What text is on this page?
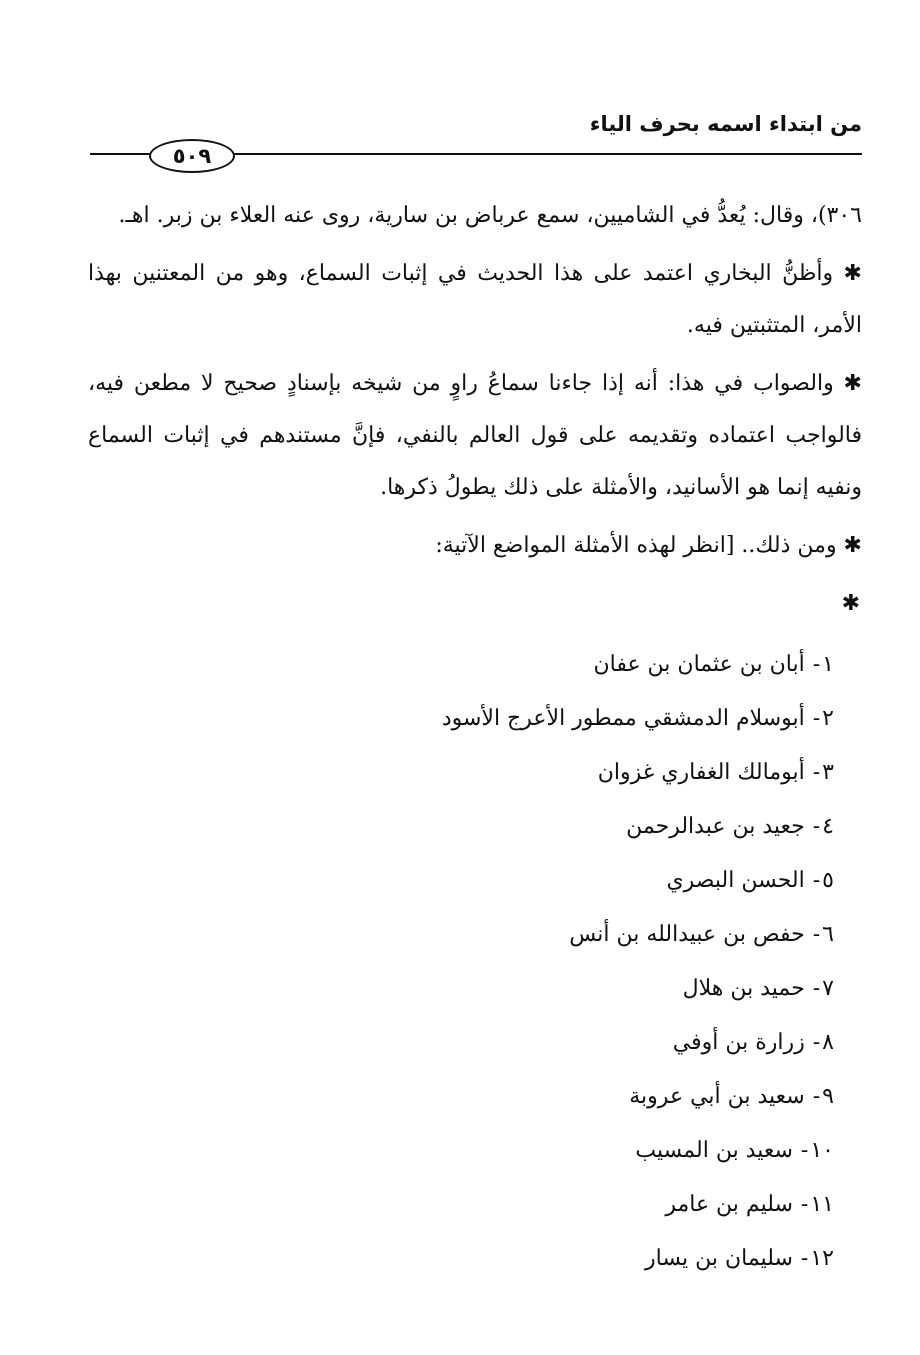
من ابتداء اسمه بحرف الياء
٥٠٩

٣٠٦)، وقال: يُعدُّ في الشاميين، سمع عرباض بن سارية، روى عنه العلاء بن زبر. اهـ.

✱ وأظنُّ البخاري اعتمد على هذا الحديث في إثبات السماع، وهو من المعتنين بهذا الأمر، المتثبتين فيه.

✱ والصواب في هذا: أنه إذا جاءنا سماعُ راوٍ من شيخه بإسنادٍ صحيح لا مطعن فيه، فالواجب اعتماده وتقديمه على قول العالم بالنفي، فإنَّ مستندهم في إثبات السماع ونفيه إنما هو الأسانيد، والأمثلة على ذلك يطولُ ذكرها.

✱ ومن ذلك.. [انظر لهذه الأمثلة المواضع الآتية:

✱
١-أبان بن عثمان بن عفان
٢-أبوسلام الدمشقي ممطور الأعرج الأسود
٣-أبومالك الغفاري غزوان
٤-جعيد بن عبدالرحمن
٥-الحسن البصري
٦-حفص بن عبيدالله بن أنس
٧-حميد بن هلال
٨-زرارة بن أوفي
٩-سعيد بن أبي عروبة
١٠-سعيد بن المسيب
١١-سليم بن عامر
١٢-سليمان بن يسار
